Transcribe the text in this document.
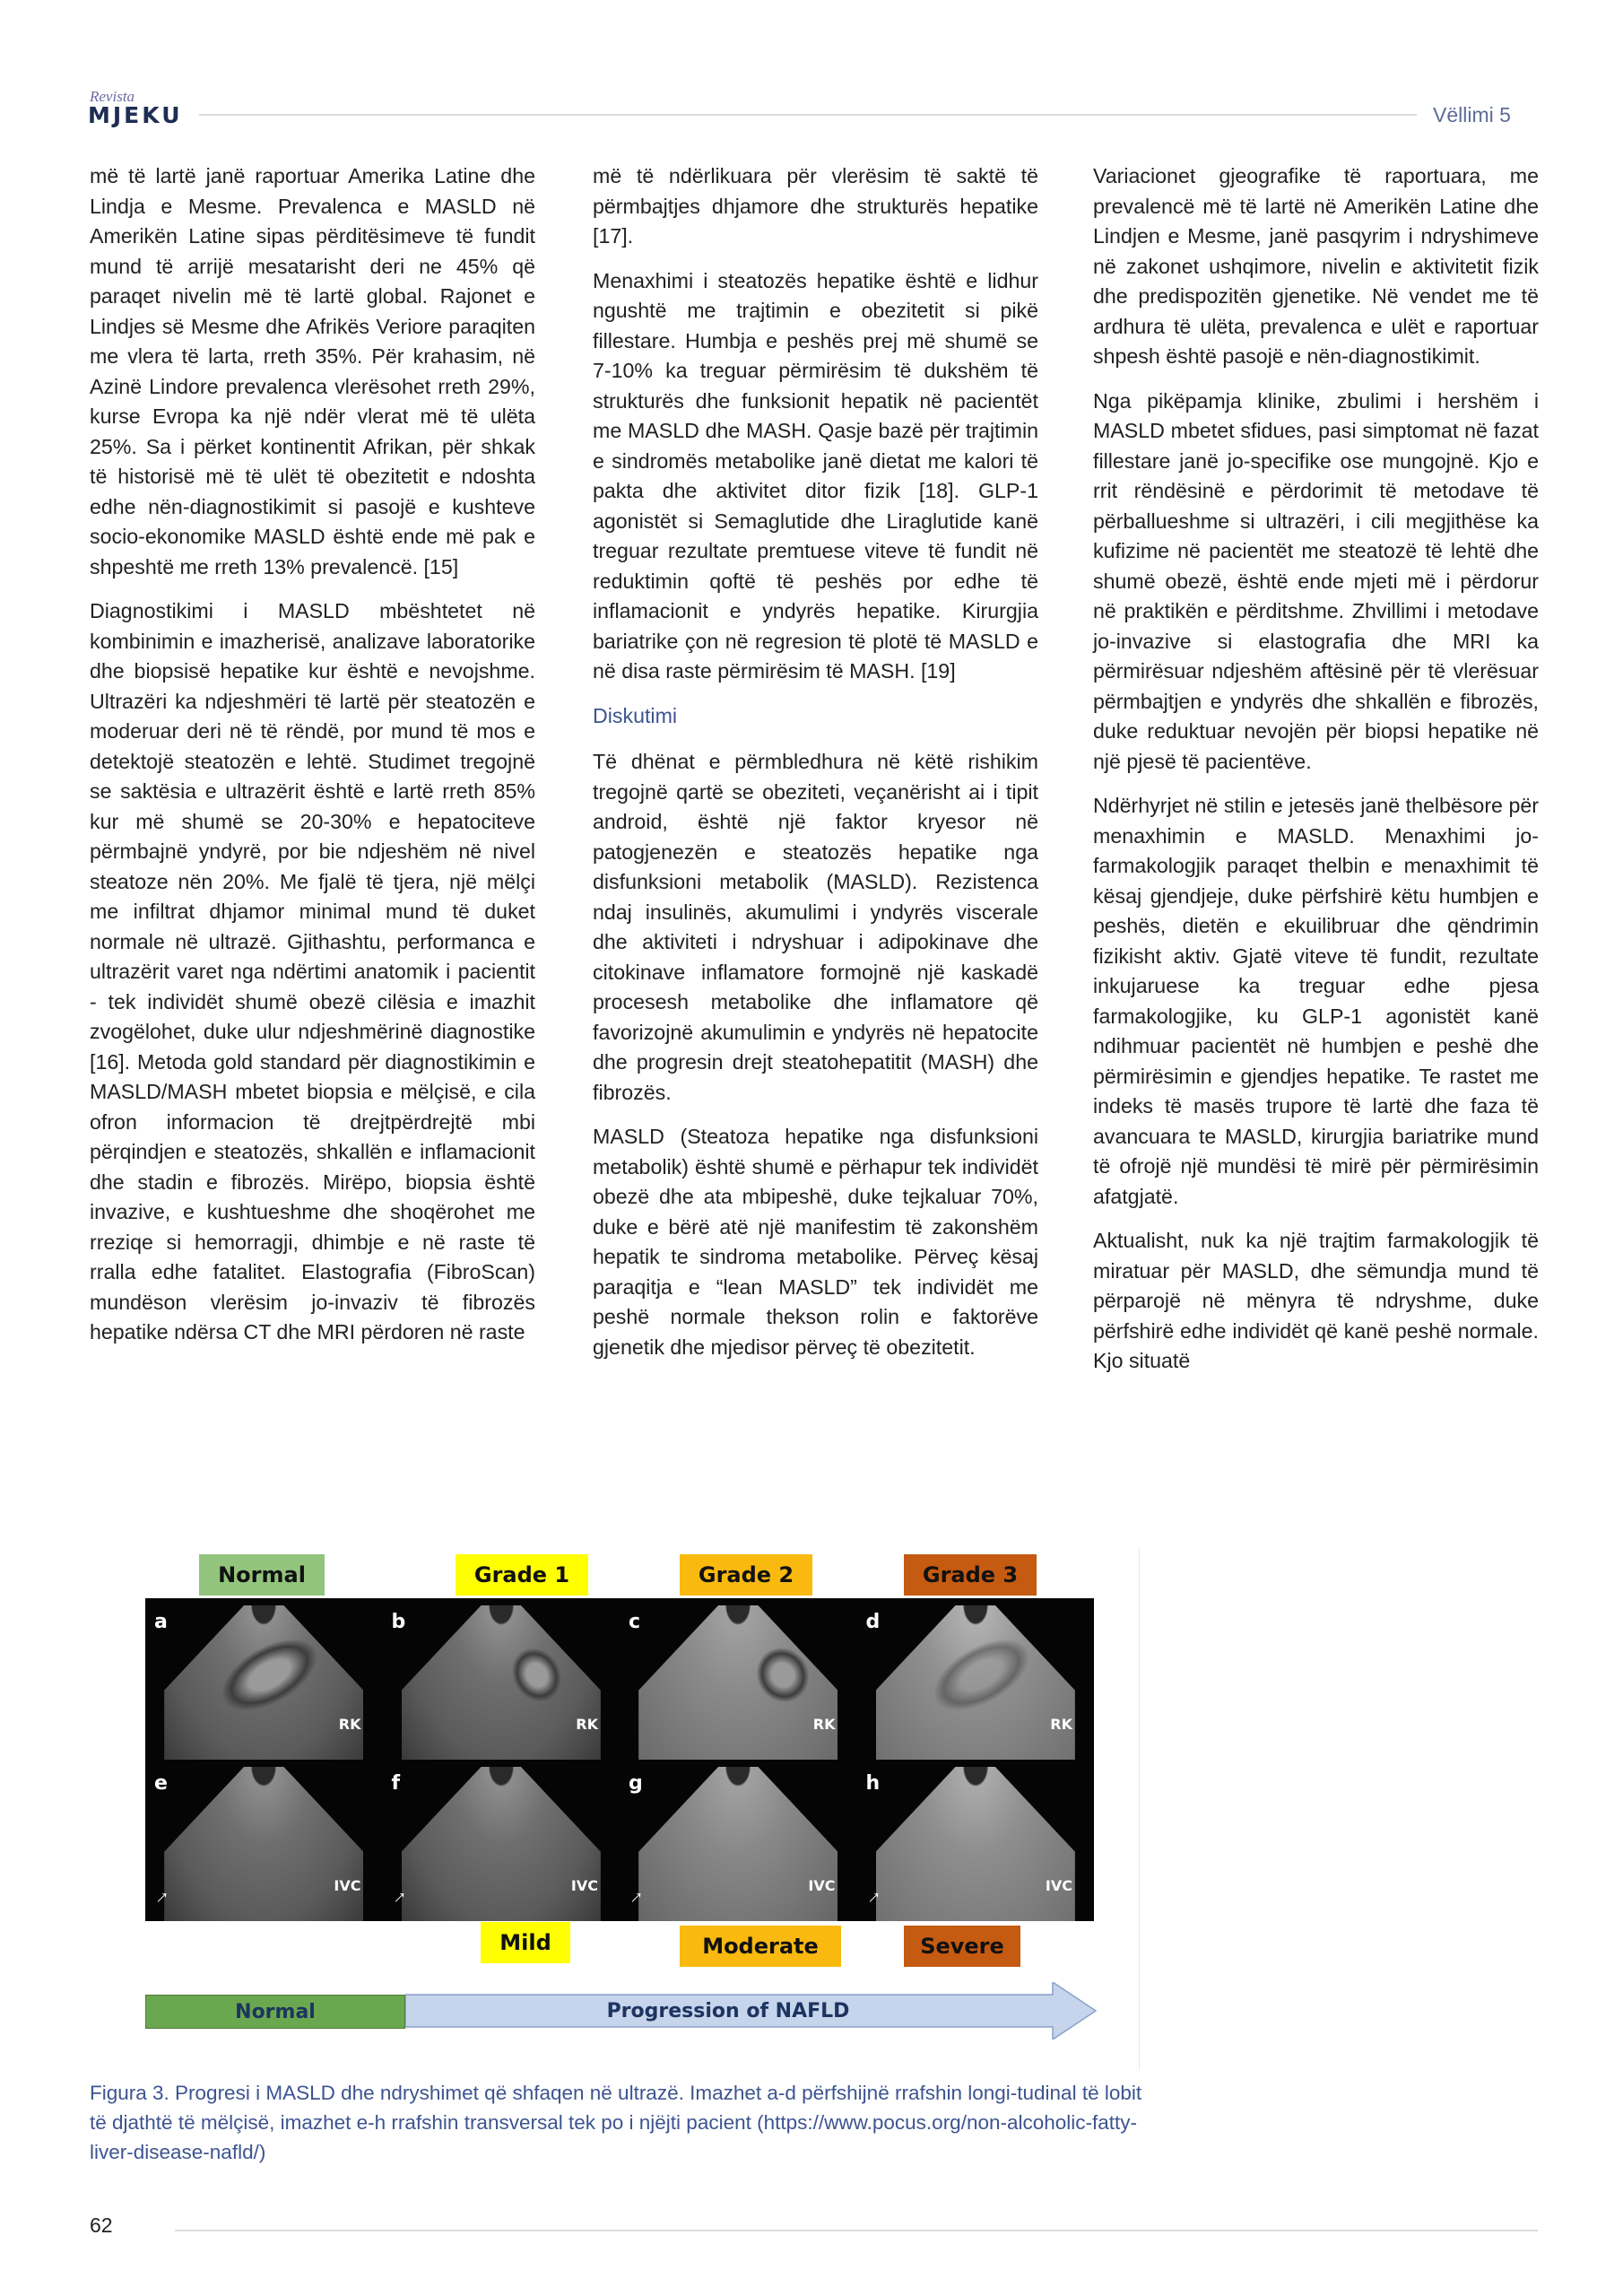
Revista
MJEKU	Vëllimi 5

më të lartë janë raportuar Amerika Latine dhe Lindja e Mesme. Prevalenca e MASLD në Amerikën Latine sipas përditësimeve të fundit mund të arrijë mesatarisht deri ne 45% që paraqet nivelin më të lartë global. Rajonet e Lindjes së Mesme dhe Afrikës Veriore paraqiten me vlera të larta, rreth 35%. Për krahasim, në Azinë Lindore prevalenca vlerësohet rreth 29%, kurse Evropa ka një ndër vlerat më të ulëta 25%. Sa i përket kontinentit Afrikan, për shkak të historisë më të ulët të obezitetit e ndoshta edhe nën-diagnostikimit si pasojë e kushteve socio-ekonomike MASLD është ende më pak e shpeshtë me rreth 13% prevalencë. [15]

Diagnostikimi i MASLD mbështetet në kombinimin e imazherisë, analizave laboratorike dhe biopsisë hepatike kur është e nevojshme. Ultrazëri ka ndjeshmëri të lartë për steatozën e moderuar deri në të rëndë, por mund të mos e detektojë steatozën e lehtë. Studimet tregojnë se saktësia e ultrazërit është e lartë rreth 85% kur më shumë se 20-30% e hepatociteve përmbajnë yndyrë, por bie ndjeshëm në nivel steatoze nën 20%. Me fjalë të tjera, një mëlçi me infiltrat dhjamor minimal mund të duket normale në ultrazë. Gjithashtu, performanca e ultrazërit varet nga ndërtimi anatomik i pacientit - tek individët shumë obezë cilësia e imazhit zvogëlohet, duke ulur ndjeshmërinë diagnostike [16]. Metoda gold standard për diagnostikimin e MASLD/MASH mbetet biopsia e mëlçisë, e cila ofron informacion të drejtpërdrejtë mbi përqindjen e steatozës, shkallën e inflamacionit dhe stadin e fibrozës. Mirëpo, biopsia është invazive, e kushtueshme dhe shoqërohet me rreziqe si hemorragji, dhimbje e në raste të rralla edhe fatalitet. Elastografia (FibroScan) mundëson vlerësim jo-invaziv të fibrozës hepatike ndërsa CT dhe MRI përdoren në raste

më të ndërlikuara për vlerësim të saktë të përmbajtjes dhjamore dhe strukturës hepatike [17].

Menaxhimi i steatozës hepatike është e lidhur ngushtë me trajtimin e obezitetit si pikë fillestare. Humbja e peshës prej më shumë se 7-10% ka treguar përmirësim të dukshëm të strukturës dhe funksionit hepatik në pacientët me MASLD dhe MASH. Qasje bazë për trajtimin e sindromës metabolike janë dietat me kalori të pakta dhe aktivitet ditor fizik [18]. GLP-1 agonistët si Semaglutide dhe Liraglutide kanë treguar rezultate premtuese viteve të fundit në reduktimin qoftë të peshës por edhe të inflamacionit e yndyrës hepatike. Kirurgjia bariatrike çon në regresion të plotë të MASLD e në disa raste përmirësim të MASH. [19]

Diskutimi

Të dhënat e përmbledhura në këtë rishikim tregojnë qartë se obeziteti, veçanërisht ai i tipit android, është një faktor kryesor në patogjenezën e steatozës hepatike nga disfunksioni metabolik (MASLD). Rezistenca ndaj insulinës, akumulimi i yndyrës viscerale dhe aktiviteti i ndryshuar i adipokinave dhe citokinave inflamatore formojnë një kaskadë procesesh metabolike dhe inflamatore që favorizojnë akumulimin e yndyrës në hepatocite dhe progresin drejt steatohepatitit (MASH) dhe fibrozës.

MASLD (Steatoza hepatike nga disfunksioni metabolik) është shumë e përhapur tek individët obezë dhe ata mbipeshë, duke tejkaluar 70%, duke e bërë atë një manifestim të zakonshëm hepatik te sindroma metabolike. Përveç kësaj paraqitja e “lean MASLD” tek individët me peshë normale thekson rolin e faktorëve gjenetik dhe mjedisor përveç të obezitetit.

Variacionet gjeografike të raportuara, me prevalencë më të lartë në Amerikën Latine dhe Lindjen e Mesme, janë pasqyrim i ndryshimeve në zakonet ushqimore, nivelin e aktivitetit fizik dhe predispozitën gjenetike. Në vendet me të ardhura të ulëta, prevalenca e ulët e raportuar shpesh është pasojë e nën-diagnostikimit.

Nga pikëpamja klinike, zbulimi i hershëm i MASLD mbetet sfidues, pasi simptomat në fazat fillestare janë jo-specifike ose mungojnë. Kjo e rrit rëndësinë e përdorimit të metodave të përballueshme si ultrazëri, i cili megjithëse ka kufizime në pacientët me steatozë të lehtë dhe shumë obezë, është ende mjeti më i përdorur në praktikën e përditshme. Zhvillimi i metodave jo-invazive si elastografia dhe MRI ka përmirësuar ndjeshëm aftësinë për të vlerësuar përmbajtjen e yndyrës dhe shkallën e fibrozës, duke reduktuar nevojën për biopsi hepatike në një pjesë të pacientëve.

Ndërhyrjet në stilin e jetesës janë thelbësore për menaxhimin e MASLD. Menaxhimi jo-farmakologjik paraqet thelbin e menaxhimit të kësaj gjendjeje, duke përfshirë këtu humbjen e peshës, dietën e ekuilibruar dhe qëndrimin fizikisht aktiv. Gjatë viteve të fundit, rezultate inkujaruese ka treguar edhe pjesa farmakologjike, ku GLP-1 agonistët kanë ndihmuar pacientët në humbjen e peshë dhe përmirësimin e gjendjes hepatike. Te rastet me indeks të masës trupore të lartë dhe faza të avancuara te MASLD, kirurgjia bariatrike mund të ofrojë një mundësi të mirë për përmirësimin afatgjatë.

Aktualisht, nuk ka një trajtim farmakologjik të miratuar për MASLD, dhe sëmundja mund të përparojë në mënyra të ndryshme, duke përfshirë edhe individët që kanë peshë normale. Kjo situatë

Normal	Grade 1	Grade 2	Grade 3
a
RK
b
RK
c
RK
d
RK
e
↑	IVC
f
↑	IVC
g
↑	IVC
h
↑	IVC
Mild	Moderate	Severe
Normal	Progression of NAFLD
Figura 3. Progresi i MASLD dhe ndryshimet që shfaqen në ultrazë. Imazhet a-d përfshijnë rrafshin longi-tudinal të lobit të djathtë të mëlçisë, imazhet e-h rrafshin transversal tek po i njëjti pacient (https://www.pocus.org/non-alcoholic-fatty-liver-disease-nafld/)
62
